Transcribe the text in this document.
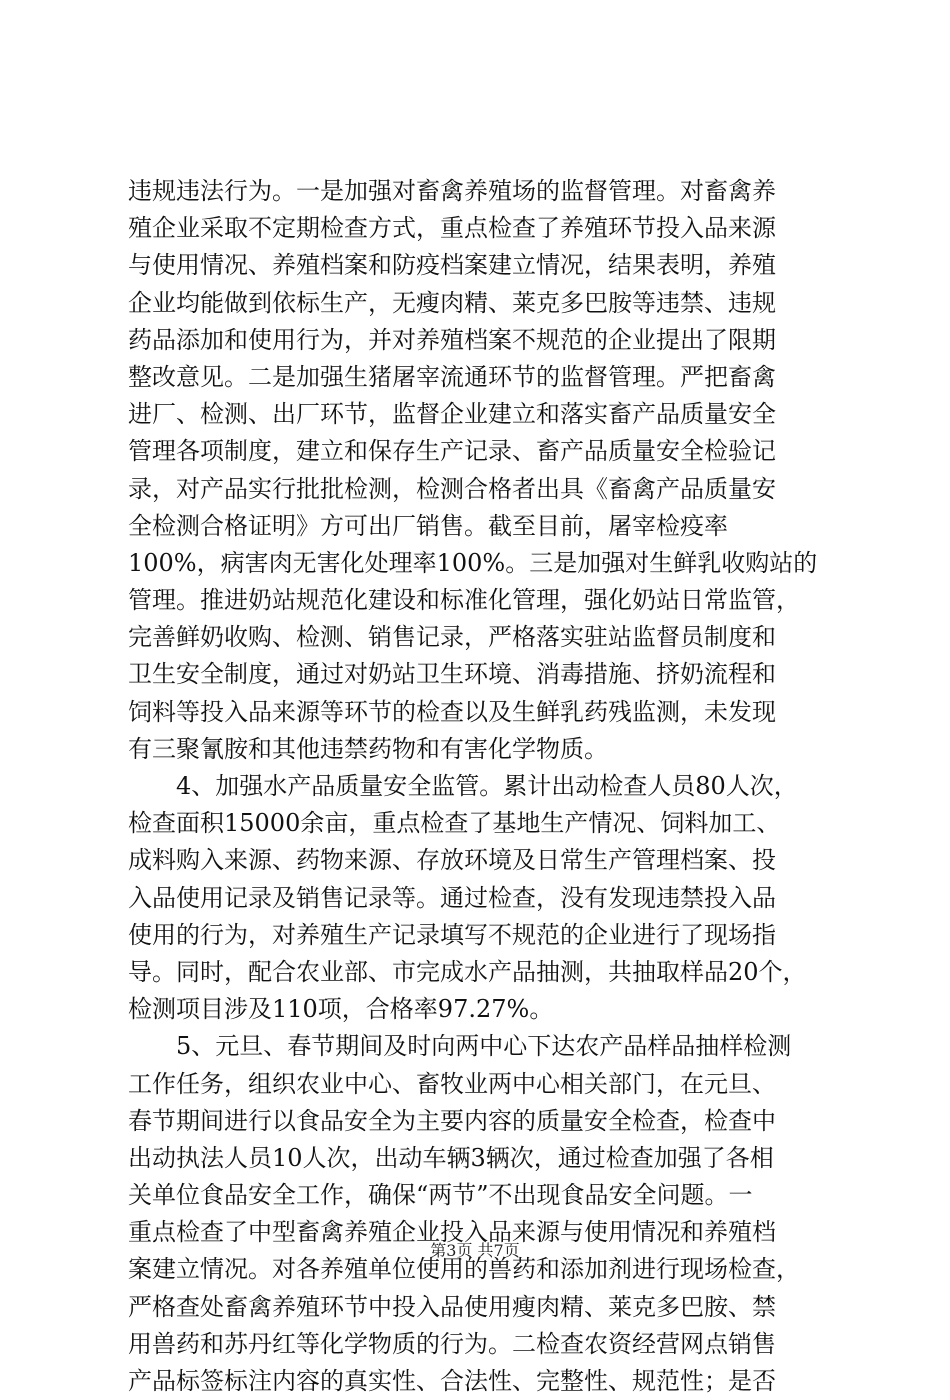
违规违法行为。一是加强对畜禽养殖场的监督管理。对畜禽养
殖企业采取不定期检查方式，重点检查了养殖环节投入品来源
与使用情况、养殖档案和防疫档案建立情况，结果表明，养殖
企业均能做到依标生产，无瘦肉精、莱克多巴胺等违禁、违规
药品添加和使用行为，并对养殖档案不规范的企业提出了限期
整改意见。二是加强生猪屠宰流通环节的监督管理。严把畜禽
进厂、检测、出厂环节，监督企业建立和落实畜产品质量安全
管理各项制度，建立和保存生产记录、畜产品质量安全检验记
录，对产品实行批批检测，检测合格者出具《畜禽产品质量安
全检测合格证明》方可出厂销售。截至目前，屠宰检疫率
100%，病害肉无害化处理率100%。三是加强对生鲜乳收购站的
管理。推进奶站规范化建设和标准化管理，强化奶站日常监管，
完善鲜奶收购、检测、销售记录，严格落实驻站监督员制度和
卫生安全制度，通过对奶站卫生环境、消毒措施、挤奶流程和
饲料等投入品来源等环节的检查以及生鲜乳药残监测，未发现
有三聚氰胺和其他违禁药物和有害化学物质。
　　4、加强水产品质量安全监管。累计出动检查人员80人次，
检查面积15000余亩，重点检查了基地生产情况、饲料加工、
成料购入来源、药物来源、存放环境及日常生产管理档案、投
入品使用记录及销售记录等。通过检查，没有发现违禁投入品
使用的行为，对养殖生产记录填写不规范的企业进行了现场指
导。同时，配合农业部、市完成水产品抽测，共抽取样品20个，
检测项目涉及110项，合格率97.27%。
　　5、元旦、春节期间及时向两中心下达农产品样品抽样检测
工作任务，组织农业中心、畜牧业两中心相关部门，在元旦、
春节期间进行以食品安全为主要内容的质量安全检查，检查中
出动执法人员10人次，出动车辆3辆次，通过检查加强了各相
关单位食品安全工作，确保“两节”不出现食品安全问题。一
重点检查了中型畜禽养殖企业投入品来源与使用情况和养殖档
案建立情况。对各养殖单位使用的兽药和添加剂进行现场检查，
严格查处畜禽养殖环节中投入品使用瘦肉精、莱克多巴胺、禁
用兽药和苏丹红等化学物质的行为。二检查农资经营网点销售
产品标签标注内容的真实性、合法性、完整性、规范性；是否
第3页 共7页
